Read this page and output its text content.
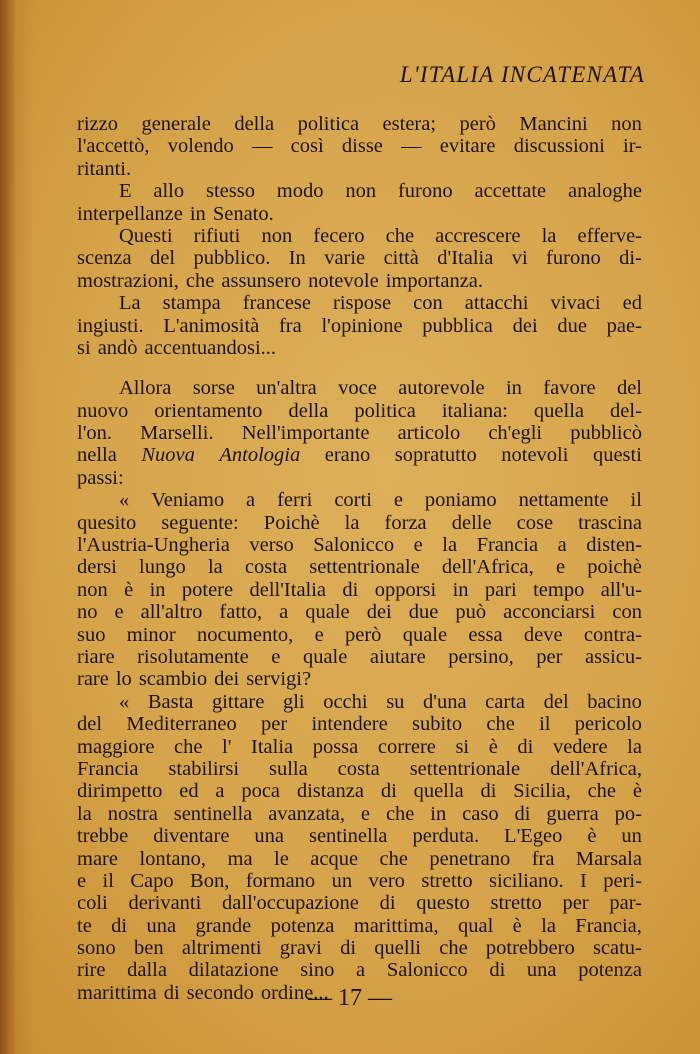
L'ITALIA INCATENATA
rizzo generale della politica estera; però Mancini non
l'accettò, volendo — così disse — evitare discussioni ir-
ritanti.
E allo stesso modo non furono accettate analoghe
interpellanze in Senato.
Questi rifiuti non fecero che accrescere la efferve-
scenza del pubblico. In varie città d'Italia vi furono di-
mostrazioni, che assunsero notevole importanza.
La stampa francese rispose con attacchi vivaci ed
ingiusti. L'animosità fra l'opinione pubblica dei due pae-
si andò accentuandosi...
Allora sorse un'altra voce autorevole in favore del
nuovo orientamento della politica italiana: quella del-
l'on. Marselli. Nell'importante articolo ch'egli pubblicò
nella Nuova Antologia erano sopratutto notevoli questi
passi:
« Veniamo a ferri corti e poniamo nettamente il
quesito seguente: Poichè la forza delle cose trascina
l'Austria-Ungheria verso Salonicco e la Francia a disten-
dersi lungo la costa settentrionale dell'Africa, e poichè
non è in potere dell'Italia di opporsi in pari tempo all'u-
no e all'altro fatto, a quale dei due può acconciarsi con
suo minor nocumento, e però quale essa deve contra-
riare risolutamente e quale aiutare persino, per assicu-
rare lo scambio dei servigi?
« Basta gittare gli occhi su d'una carta del bacino
del Mediterraneo per intendere subito che il pericolo
maggiore che l' Italia possa correre si è di vedere la
Francia stabilirsi sulla costa settentrionale dell'Africa,
dirimpetto ed a poca distanza di quella di Sicilia, che è
la nostra sentinella avanzata, e che in caso di guerra po-
trebbe diventare una sentinella perduta. L'Egeo è un
mare lontano, ma le acque che penetrano fra Marsala
e il Capo Bon, formano un vero stretto siciliano. I peri-
coli derivanti dall'occupazione di questo stretto per par-
te di una grande potenza marittima, qual è la Francia,
sono ben altrimenti gravi di quelli che potrebbero scatu-
rire dalla dilatazione sino a Salonicco di una potenza
marittima di secondo ordine...
— 17 —
